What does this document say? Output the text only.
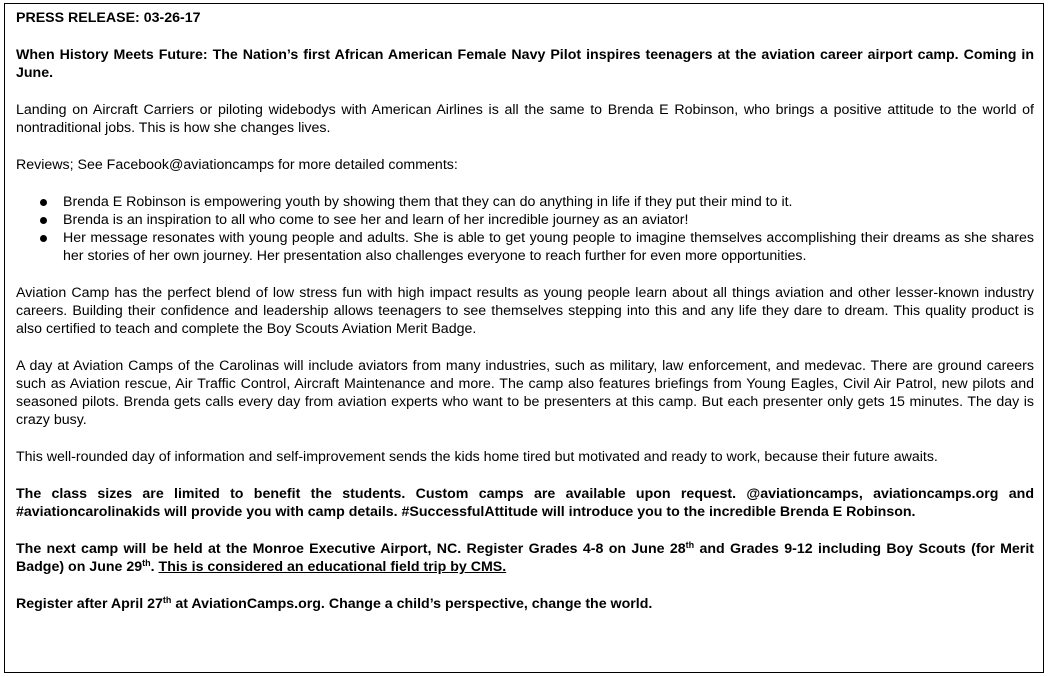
PRESS RELEASE: 03-26-17

When History Meets Future: The Nation’s first African American Female Navy Pilot inspires teenagers at the aviation career airport camp. Coming in June.

Landing on Aircraft Carriers or piloting widebodys with American Airlines is all the same to Brenda E Robinson, who brings a positive attitude to the world of nontraditional jobs. This is how she changes lives.

Reviews; See Facebook@aviationcamps for more detailed comments:

Brenda E Robinson is empowering youth by showing them that they can do anything in life if they put their mind to it.
Brenda is an inspiration to all who come to see her and learn of her incredible journey as an aviator!
Her message resonates with young people and adults. She is able to get young people to imagine themselves accomplishing their dreams as she shares her stories of her own journey. Her presentation also challenges everyone to reach further for even more opportunities.

Aviation Camp has the perfect blend of low stress fun with high impact results as young people learn about all things aviation and other lesser-known industry careers. Building their confidence and leadership allows teenagers to see themselves stepping into this and any life they dare to dream. This quality product is also certified to teach and complete the Boy Scouts Aviation Merit Badge.

A day at Aviation Camps of the Carolinas will include aviators from many industries, such as military, law enforcement, and medevac. There are ground careers such as Aviation rescue, Air Traffic Control, Aircraft Maintenance and more. The camp also features briefings from Young Eagles, Civil Air Patrol, new pilots and seasoned pilots. Brenda gets calls every day from aviation experts who want to be presenters at this camp. But each presenter only gets 15 minutes. The day is crazy busy.

This well-rounded day of information and self-improvement sends the kids home tired but motivated and ready to work, because their future awaits.

The class sizes are limited to benefit the students. Custom camps are available upon request. @aviationcamps, aviationcamps.org and #aviationcarolinakids will provide you with camp details. #SuccessfulAttitude will introduce you to the incredible Brenda E Robinson.

The next camp will be held at the Monroe Executive Airport, NC. Register Grades 4-8 on June 28th and Grades 9-12 including Boy Scouts (for Merit Badge) on June 29th. This is considered an educational field trip by CMS.

Register after April 27th at AviationCamps.org. Change a child’s perspective, change the world.
